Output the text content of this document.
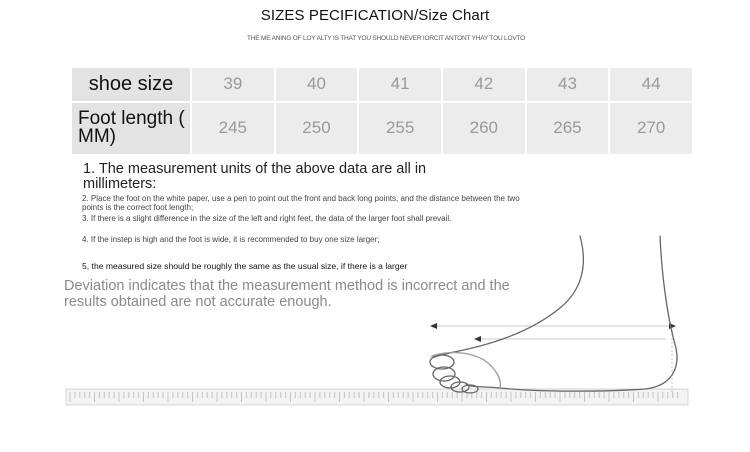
SIZES PECIFICATION/Size Chart
THE ME ANING OF LOY ALTY IS THAT YOU SHOULD NEVER IORCIT ANTONT YHAY TOU LOVTO
shoe size	39	40	41	42	43	44
Foot length ( MM)	245	250	255	260	265	270
1. The measurement units of the above data are all in millimeters:
2. Place the foot on the white paper, use a pen to point out the front and back long points, and the distance between the two points is the correct foot length;
3. If there is a slight difference in the size of the left and right feet, the data of the larger foot shall prevail.
4. If the instep is high and the foot is wide, it is recommended to buy one size larger;
5, the measured size should be roughly the same as the usual size, if there is a larger
Deviation indicates that the measurement method is incorrect and the results obtained are not accurate enough.
